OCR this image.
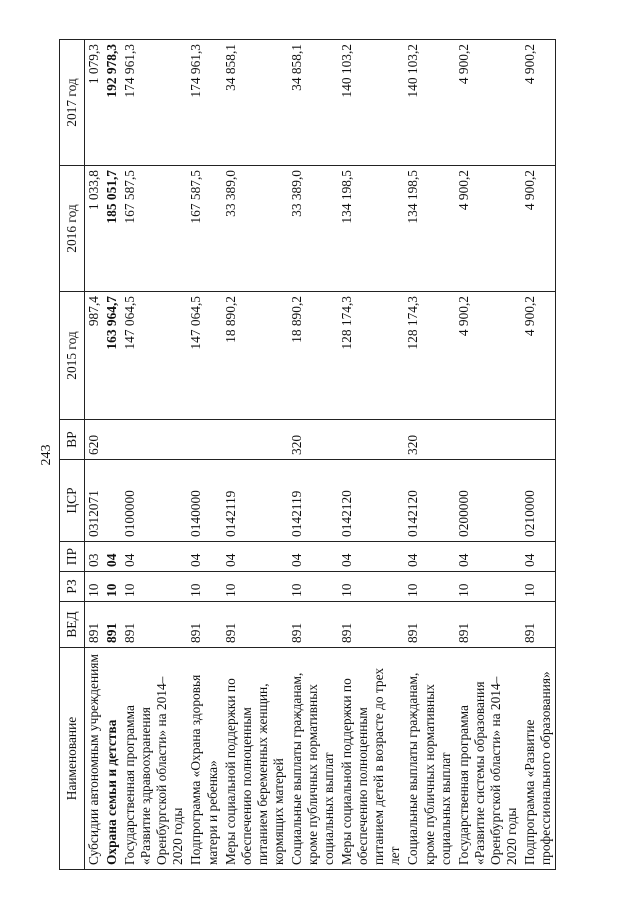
243
Наименование	ВЕД	РЗ	ПР	ЦСР	ВР	2015 год	2016 год	2017 год
Субсидии автономным учреждениям	891	10	03	0312071	620	987,4	1 033,8	1 079,3
Охрана семьи и детства	891	10	04			163 964,7	185 051,7	192 978,3
Государственная программа «Развитие здравоохранения Оренбургской области» на 2014–2020 годы	891	10	04	0100000		147 064,5	167 587,5	174 961,3
Подпрограмма «Охрана здоровья матери и ребенка»	891	10	04	0140000		147 064,5	167 587,5	174 961,3
Меры социальной поддержки по обеспечению полноценным питанием беременных женщин, кормящих матерей	891	10	04	0142119		18 890,2	33 389,0	34 858,1
Социальные выплаты гражданам, кроме публичных нормативных социальных выплат	891	10	04	0142119	320	18 890,2	33 389,0	34 858,1
Меры социальной поддержки по обеспечению полноценным питанием детей в возрасте до трех лет	891	10	04	0142120		128 174,3	134 198,5	140 103,2
Социальные выплаты гражданам, кроме публичных нормативных социальных выплат	891	10	04	0142120	320	128 174,3	134 198,5	140 103,2
Государственная программа «Развитие системы образования Оренбургской области» на 2014–2020 годы	891	10	04	0200000		4 900,2	4 900,2	4 900,2
Подпрограмма «Развитие профессионального образования»	891	10	04	0210000		4 900,2	4 900,2	4 900,2
